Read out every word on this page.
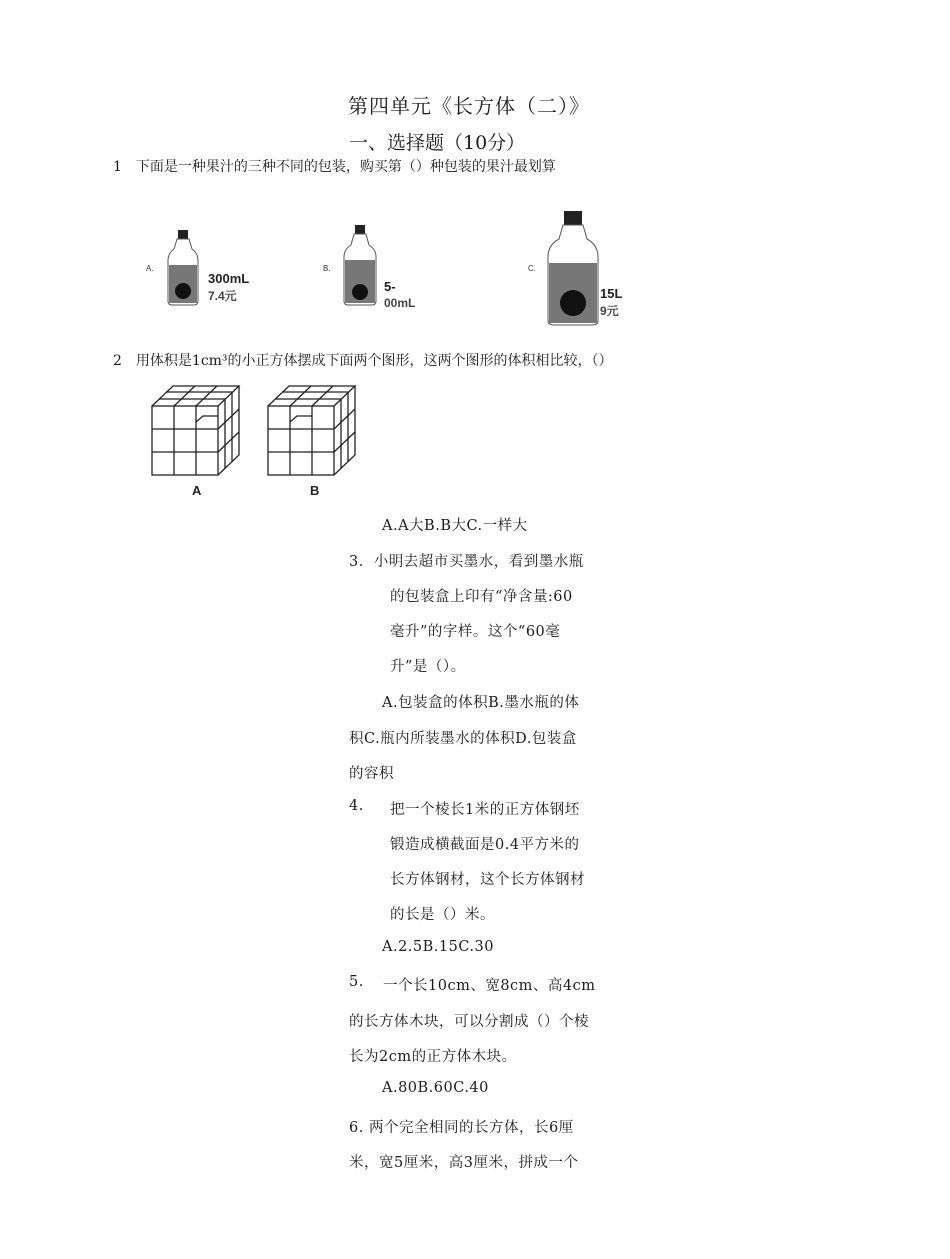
第四单元《长方体（二）》
一、选择题（10分）
1　下面是一种果汁的三种不同的包装，购买第（）种包装的果汁最划算
A.
300mL
7.4元
B.
5-
00mL
C.
15L
9元
2　用体积是1cm³的小正方体摆成下面两个图形，这两个图形的体积相比较，（）
A	B
A.A大B.B大C.一样大
3．小明去超市买墨水，看到墨水瓶
的包装盒上印有“净含量:60
毫升”的字样。这个“60毫
升”是（）。
A.包装盒的体积B.墨水瓶的体
积C.瓶内所装墨水的体积D.包装盒
的容积
4. 把一个棱长1米的正方体钢坯
锻造成横截面是0.4平方米的
长方体钢材，这个长方体钢材
的长是（）米。
A.2.5B.15C.30
5. 一个长10cm、宽8cm、高4cm
的长方体木块，可以分割成（）个棱
长为2cm的正方体木块。
A.80B.60C.40
6. 两个完全相同的长方体，长6厘
米，宽5厘米，高3厘米，拼成一个
